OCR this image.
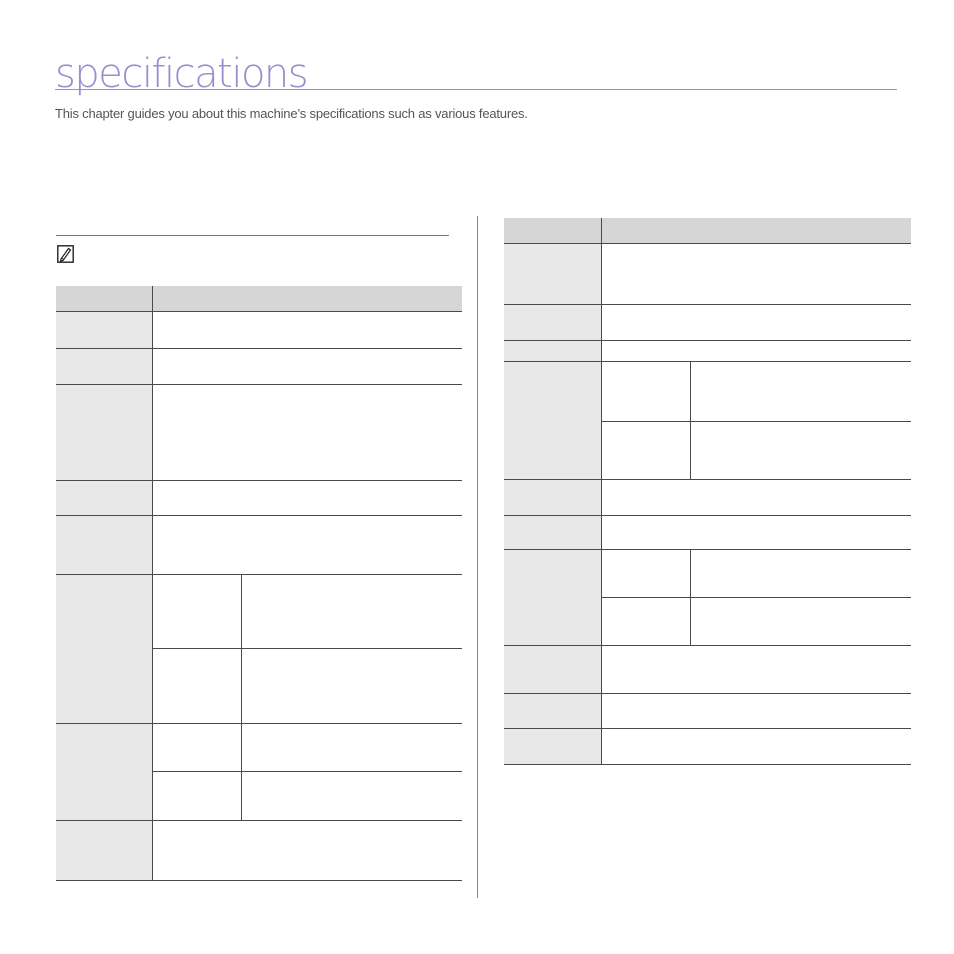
specifications
This chapter guides you about this machine’s specifications such as various features.
